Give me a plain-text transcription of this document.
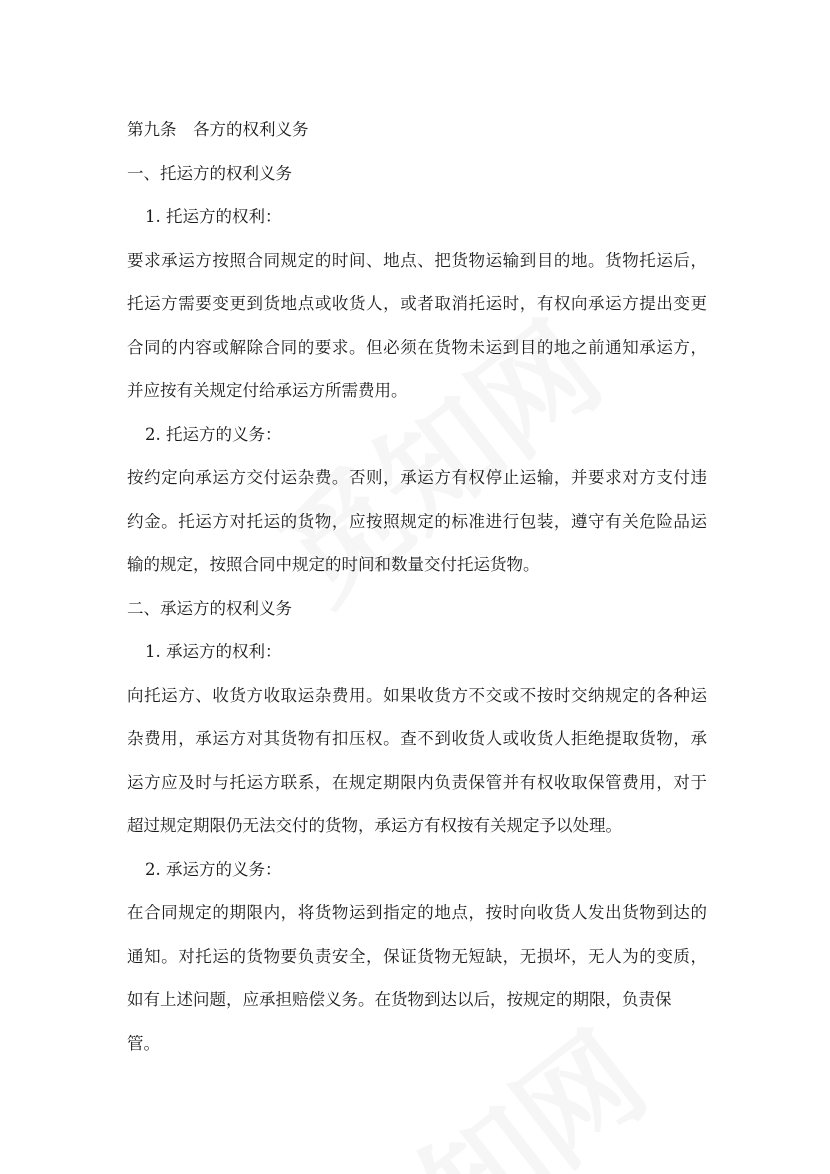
第九条　各方的权利义务
一、托运方的权利义务
1. 托运方的权利：
要求承运方按照合同规定的时间、地点、把货物运输到目的地。货物托运后，
托运方需要变更到货地点或收货人，或者取消托运时，有权向承运方提出变更
合同的内容或解除合同的要求。但必须在货物未运到目的地之前通知承运方，
并应按有关规定付给承运方所需费用。
2. 托运方的义务：
按约定向承运方交付运杂费。否则，承运方有权停止运输，并要求对方支付违
约金。托运方对托运的货物，应按照规定的标准进行包装，遵守有关危险品运
输的规定，按照合同中规定的时间和数量交付托运货物。
二、承运方的权利义务
1. 承运方的权利：
向托运方、收货方收取运杂费用。如果收货方不交或不按时交纳规定的各种运
杂费用，承运方对其货物有扣压权。查不到收货人或收货人拒绝提取货物，承
运方应及时与托运方联系，在规定期限内负责保管并有权收取保管费用，对于
超过规定期限仍无法交付的货物，承运方有权按有关规定予以处理。
2. 承运方的义务：
在合同规定的期限内，将货物运到指定的地点，按时向收货人发出货物到达的
通知。对托运的货物要负责安全，保证货物无短缺，无损坏，无人为的变质，
如有上述问题，应承担赔偿义务。在货物到达以后，按规定的期限，负责保
管。
